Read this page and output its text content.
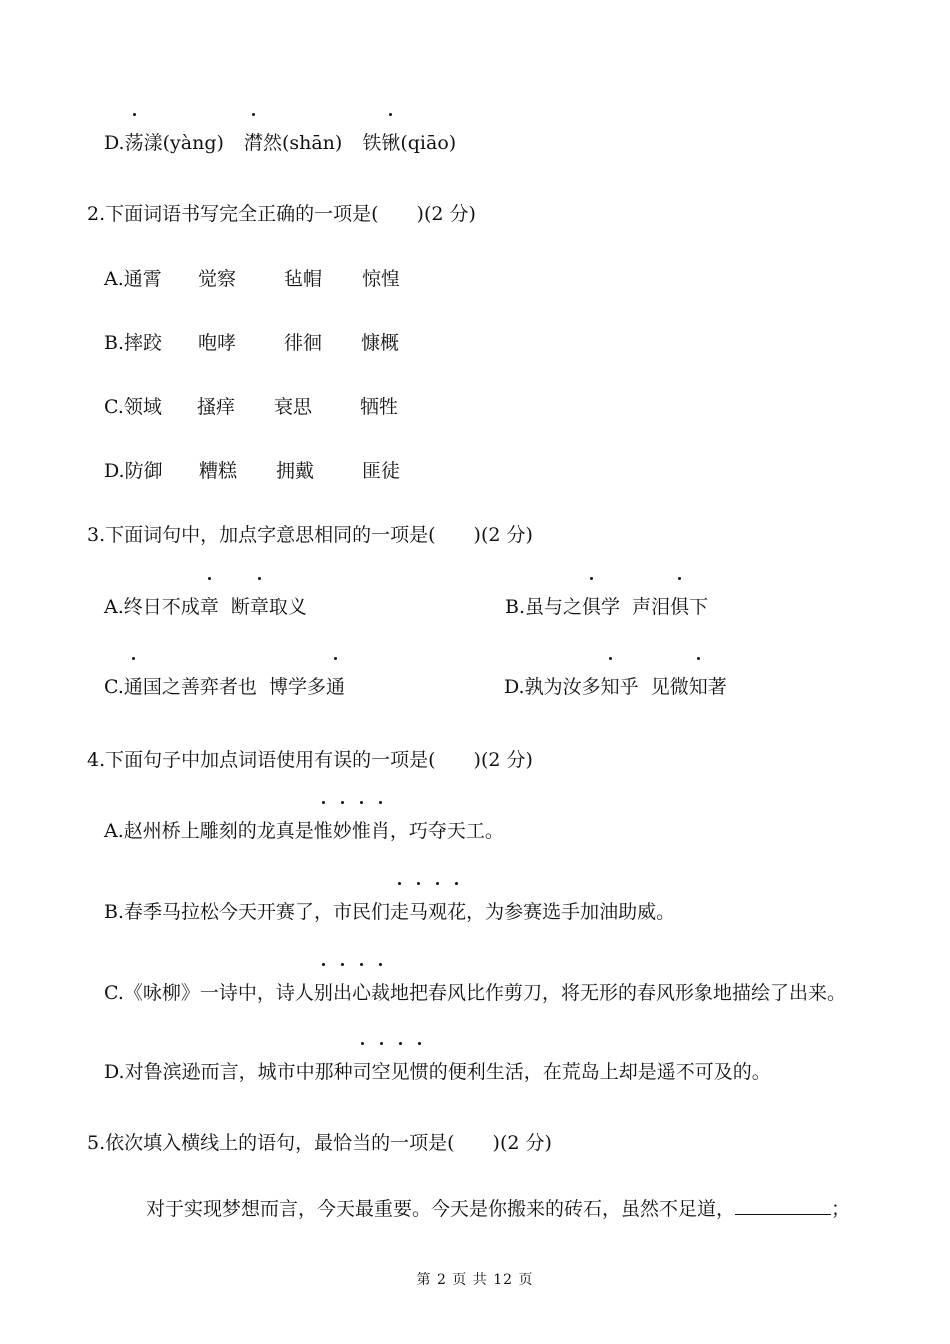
D.荡漾(yàng) 潸然(shān) 铁锹(qiāo)
2.下面词语书写完全正确的一项是(　　)(2 分)
A.通霄 觉察	毡帽 惊惶
B.摔跤 咆哮	徘徊 慷概
C.领域 搔痒 衰思	牺牲
D.防御 糟糕 拥戴	匪徒
3.下面词句中，加点字意思相同的一项是(　　)(2 分)
A.终日不成章  断章取义	B.虽与之俱学  声泪俱下
C.通国之善弈者也  博学多通	D.孰为汝多知乎  见微知著
4.下面句子中加点词语使用有误的一项是(　　)(2 分)
A.赵州桥上雕刻的龙真是惟妙惟肖，巧夺天工。
B.春季马拉松今天开赛了，市民们走马观花，为参赛选手加油助威。
C.《咏柳》一诗中，诗人别出心裁地把春风比作剪刀，将无形的春风形象地描绘了出来。
D.对鲁滨逊而言，城市中那种司空见惯的便利生活，在荒岛上却是遥不可及的。
5.依次填入横线上的语句，最恰当的一项是(　　)(2 分)
对于实现梦想而言，今天最重要。今天是你搬来的砖石，虽然不足道，	；
第 2 页 共 12 页
